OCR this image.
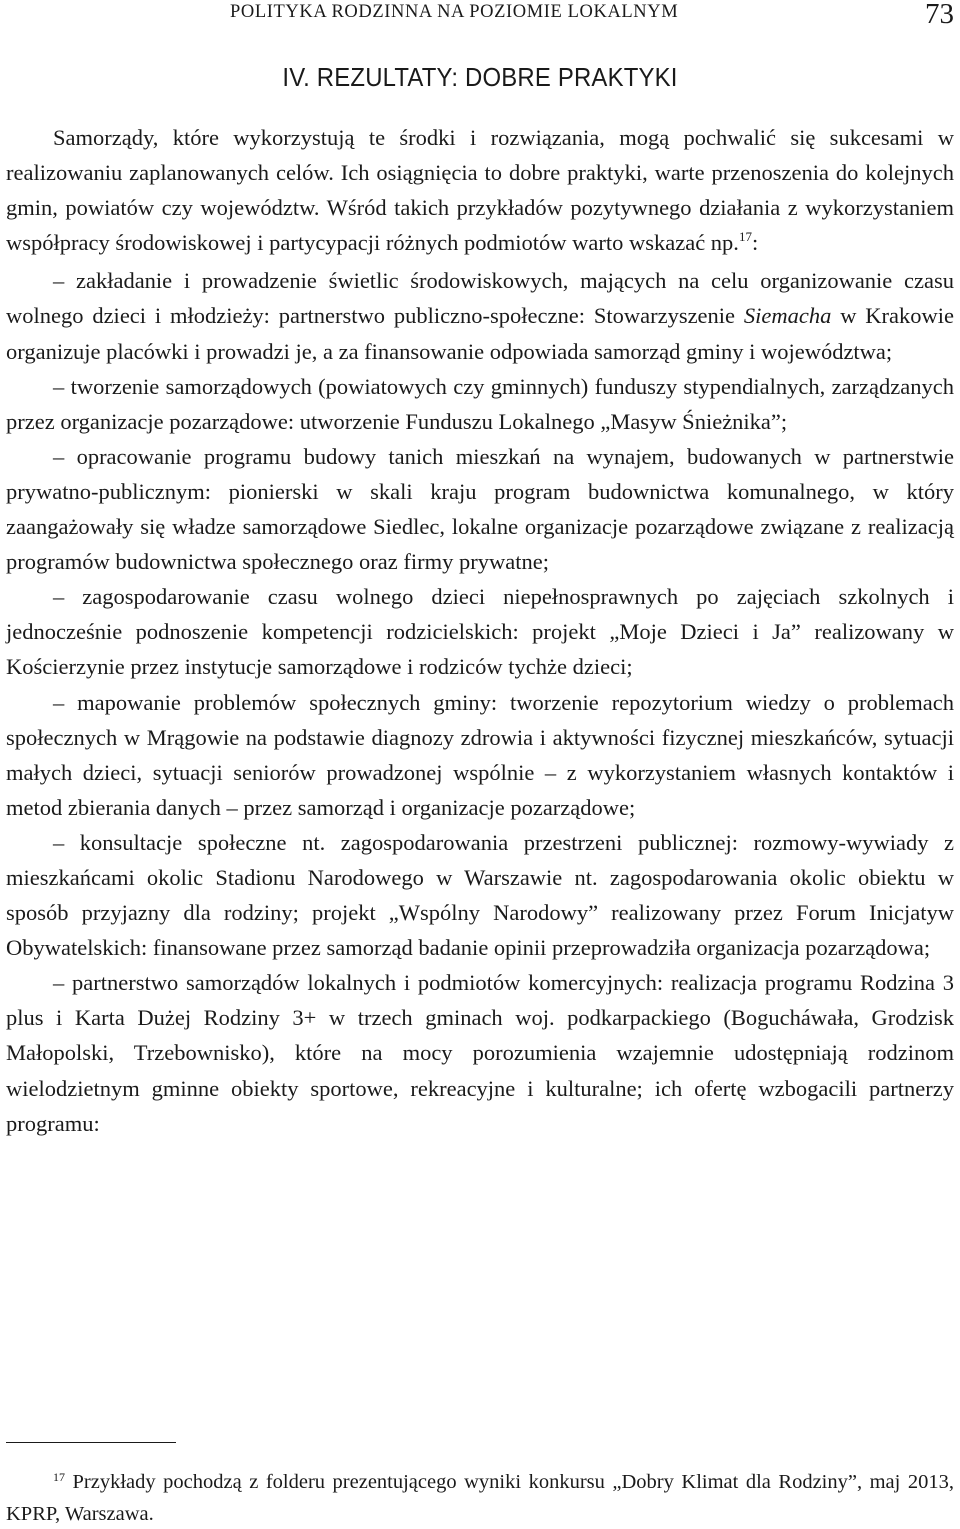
POLITYKA RODZINNA NA POZIOMIE LOKALNYM	73
IV. REZULTATY: DOBRE PRAKTYKI

Samorządy, które wykorzystują te środki i rozwiązania, mogą pochwalić się sukcesami w realizowaniu zaplanowanych celów. Ich osiągnięcia to dobre praktyki, warte przenoszenia do kolejnych gmin, powiatów czy województw. Wśród takich przykładów pozytywnego działania z wykorzystaniem współpracy środowiskowej i partycypacji różnych podmiotów warto wskazać np.$^{17}$:

– zakładanie i prowadzenie świetlic środowiskowych, mających na celu organizowanie czasu wolnego dzieci i młodzieży: partnerstwo publiczno-społeczne: Stowarzyszenie Siemacha w Krakowie organizuje placówki i prowadzi je, a za finansowanie odpowiada samorząd gminy i województwa;

– tworzenie samorządowych (powiatowych czy gminnych) funduszy stypendialnych, zarządzanych przez organizacje pozarządowe: utworzenie Funduszu Lokalnego „Masyw Śnieżnika”;

– opracowanie programu budowy tanich mieszkań na wynajem, budowanych w partnerstwie prywatno-publicznym: pionierski w skali kraju program budownictwa komunalnego, w który zaangażowały się władze samorządowe Siedlec, lokalne organizacje pozarządowe związane z realizacją programów budownictwa społecznego oraz firmy prywatne;

– zagospodarowanie czasu wolnego dzieci niepełnosprawnych po zajęciach szkolnych i jednocześnie podnoszenie kompetencji rodzicielskich: projekt „Moje Dzieci i Ja” realizowany w Kościerzynie przez instytucje samorządowe i rodziców tychże dzieci;

– mapowanie problemów społecznych gminy: tworzenie repozytorium wiedzy o problemach społecznych w Mrągowie na podstawie diagnozy zdrowia i aktywności fizycznej mieszkańców, sytuacji małych dzieci, sytuacji seniorów prowadzonej wspólnie – z wykorzystaniem własnych kontaktów i metod zbierania danych – przez samorząd i organizacje pozarządowe;

– konsultacje społeczne nt. zagospodarowania przestrzeni publicznej: rozmowy-wywiady z mieszkańcami okolic Stadionu Narodowego w Warszawie nt. zagospodarowania okolic obiektu w sposób przyjazny dla rodziny; projekt „Wspólny Narodowy” realizowany przez Forum Inicjatyw Obywatelskich: finansowane przez samorząd badanie opinii przeprowadziła organizacja pozarządowa;

– partnerstwo samorządów lokalnych i podmiotów komercyjnych: realizacja programu Rodzina 3 plus i Karta Dużej Rodziny 3+ w trzech gminach woj. podkarpackiego (Bogucháwała, Grodzisk Małopolski, Trzebownisko), które na mocy porozumienia wzajemnie udostępniają rodzinom wielodzietnym gminne obiekty sportowe, rekreacyjne i kulturalne; ich ofertę wzbogacili partnerzy programu:

$^{17}$ Przykłady pochodzą z folderu prezentującego wyniki konkursu „Dobry Klimat dla Rodziny”, maj 2013, KPRP, Warszawa.
